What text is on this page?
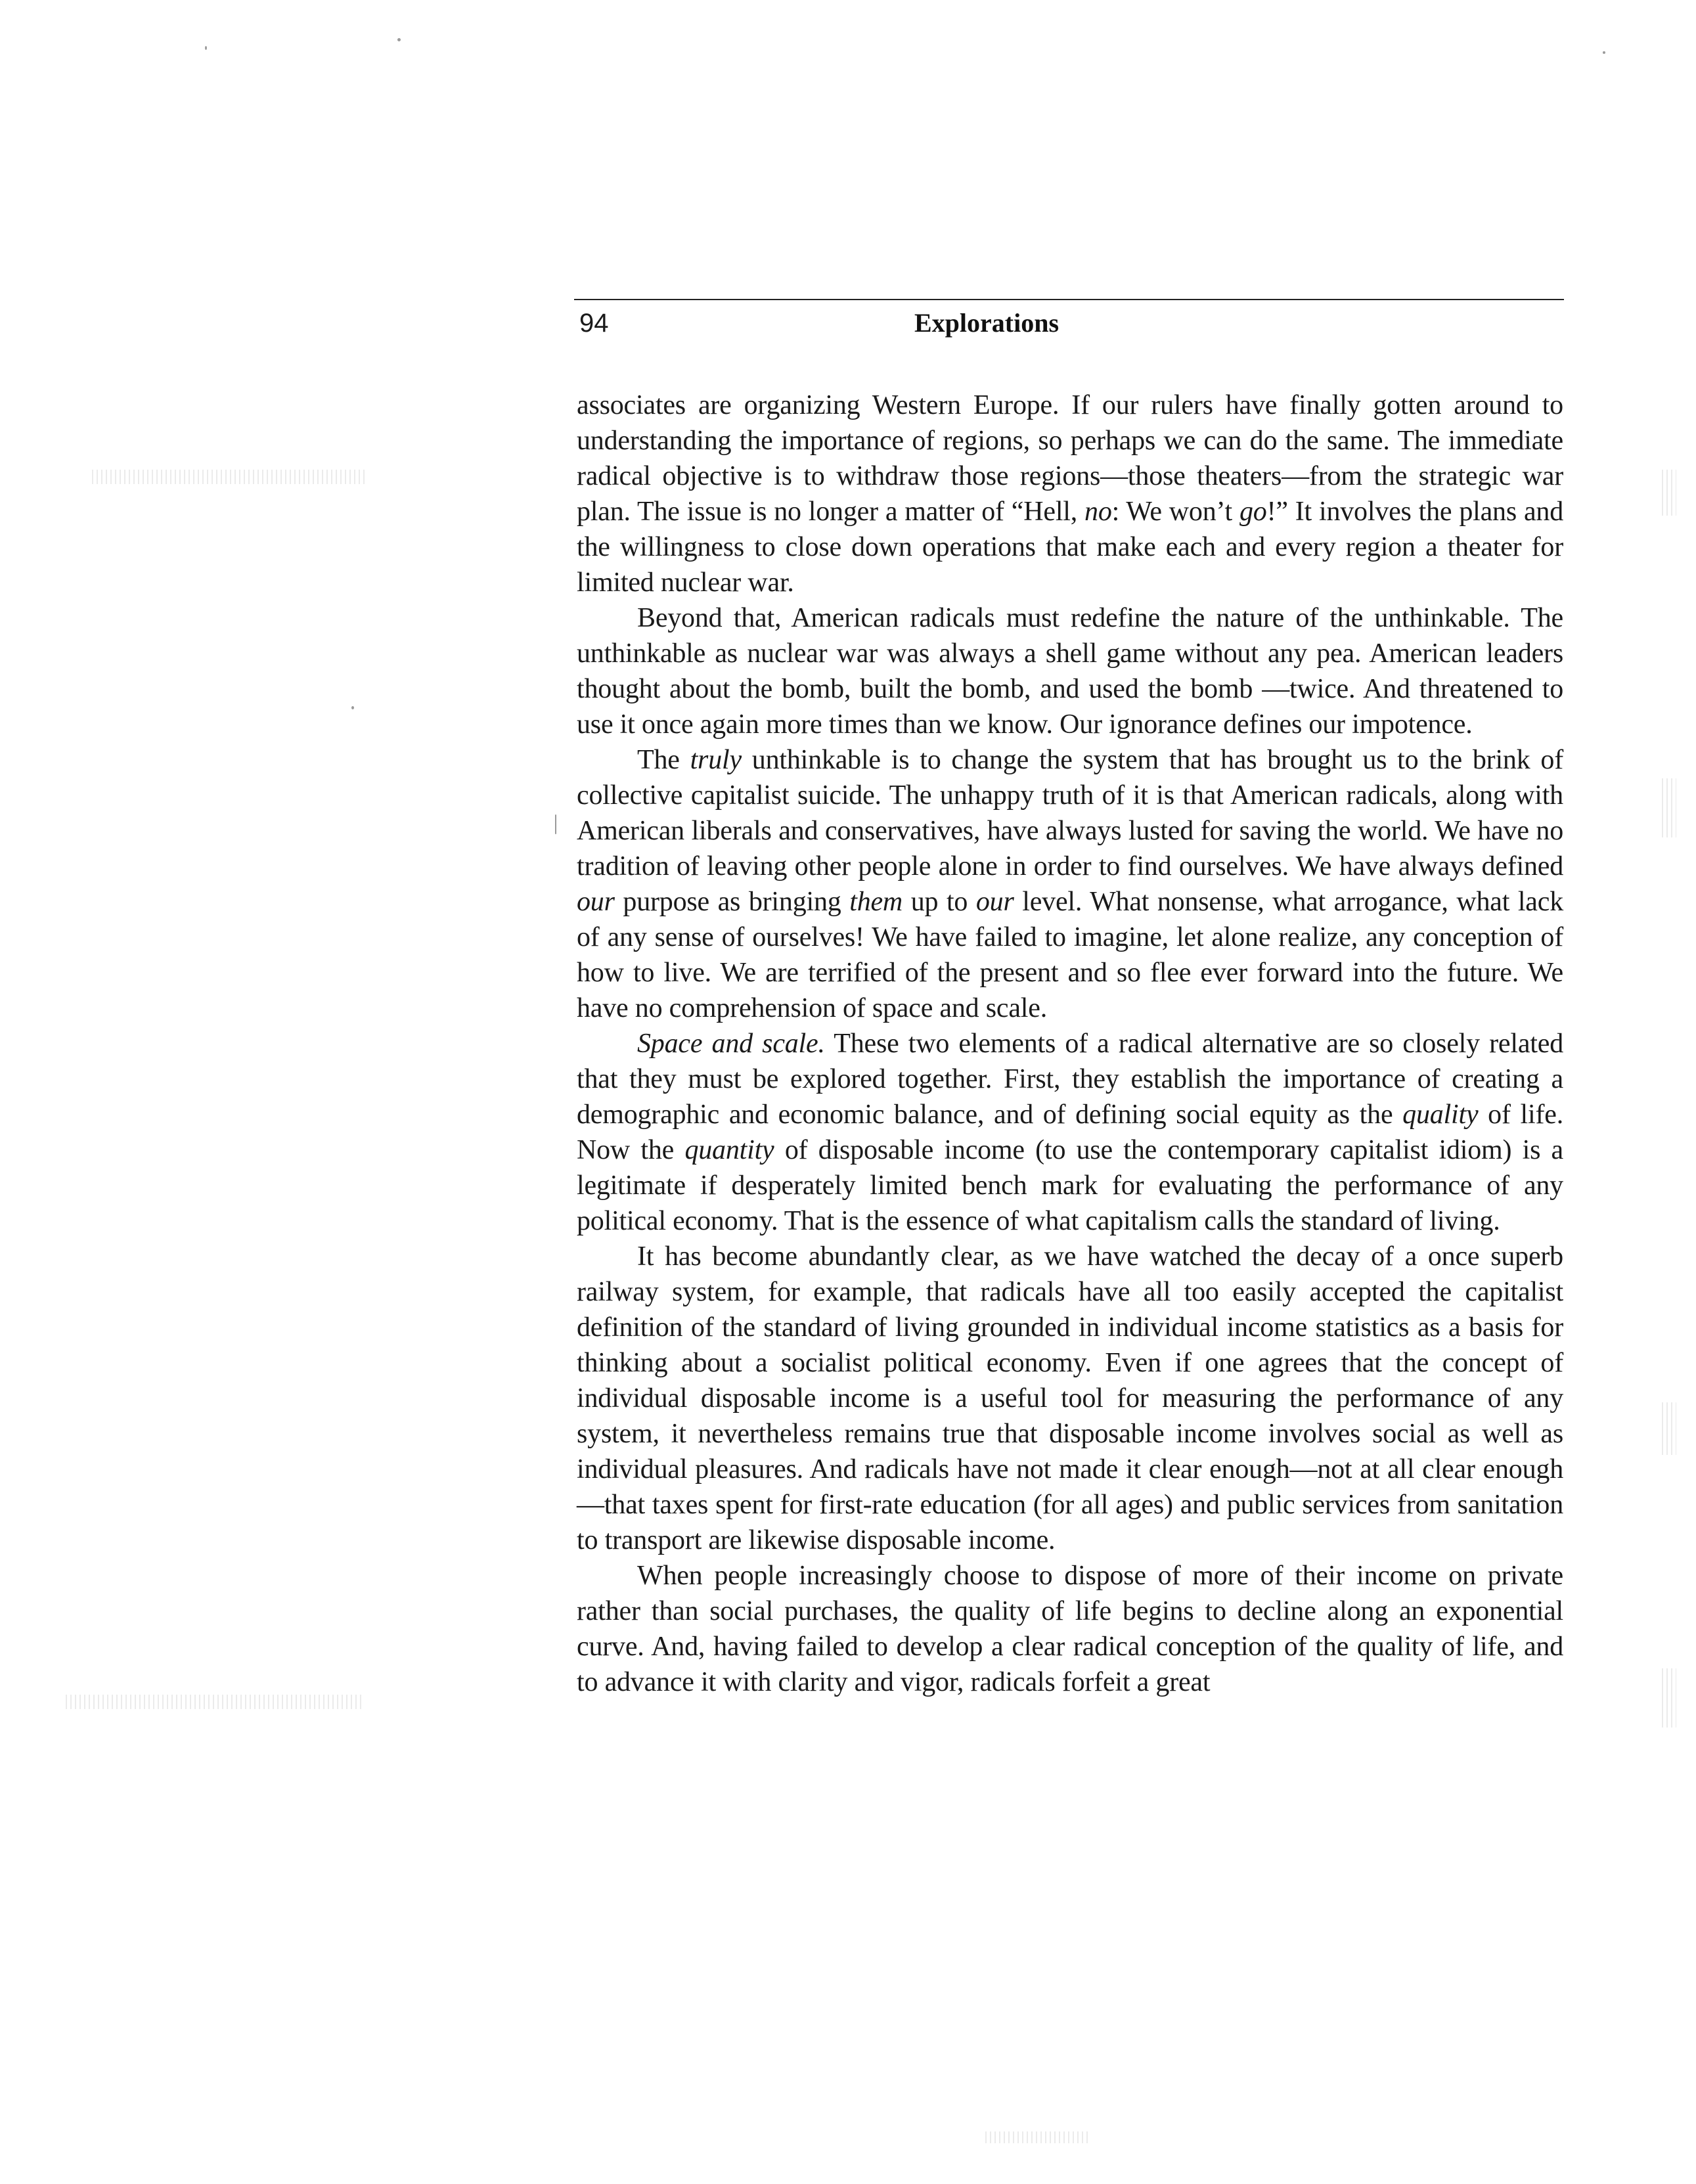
94	Explorations

associates are organizing Western Europe. If our rulers have finally gotten around to understanding the importance of regions, so perhaps we can do the same. The immediate radical objective is to withdraw those regions—those theaters—from the strategic war plan. The issue is no longer a matter of “Hell, no: We won’t go!” It involves the plans and the willingness to close down operations that make each and every region a theater for limited nuclear war.

Beyond that, American radicals must redefine the nature of the unthinkable. The unthinkable as nuclear war was always a shell game without any pea. American leaders thought about the bomb, built the bomb, and used the bomb —twice. And threatened to use it once again more times than we know. Our ignorance defines our impotence.

The truly unthinkable is to change the system that has brought us to the brink of collective capitalist suicide. The unhappy truth of it is that American radicals, along with American liberals and conservatives, have always lusted for saving the world. We have no tradition of leaving other people alone in order to find ourselves. We have always defined our purpose as bringing them up to our level. What nonsense, what arrogance, what lack of any sense of ourselves! We have failed to imagine, let alone realize, any conception of how to live. We are terrified of the present and so flee ever forward into the future. We have no comprehension of space and scale.

Space and scale. These two elements of a radical alternative are so closely related that they must be explored together. First, they establish the importance of creating a demographic and economic balance, and of defining social equity as the quality of life. Now the quantity of disposable income (to use the contemporary capitalist idiom) is a legitimate if desperately limited bench mark for evaluating the performance of any political economy. That is the essence of what capitalism calls the standard of living.

It has become abundantly clear, as we have watched the decay of a once superb railway system, for example, that radicals have all too easily accepted the capitalist definition of the standard of living grounded in individual income statistics as a basis for thinking about a socialist political economy. Even if one agrees that the concept of individual disposable income is a useful tool for measuring the performance of any system, it nevertheless remains true that disposable income involves social as well as individual pleasures. And radicals have not made it clear enough—not at all clear enough—that taxes spent for first-rate education (for all ages) and public services from sanitation to transport are likewise disposable income.

When people increasingly choose to dispose of more of their income on private rather than social purchases, the quality of life begins to decline along an exponential curve. And, having failed to develop a clear radical conception of the quality of life, and to advance it with clarity and vigor, radicals forfeit a great
